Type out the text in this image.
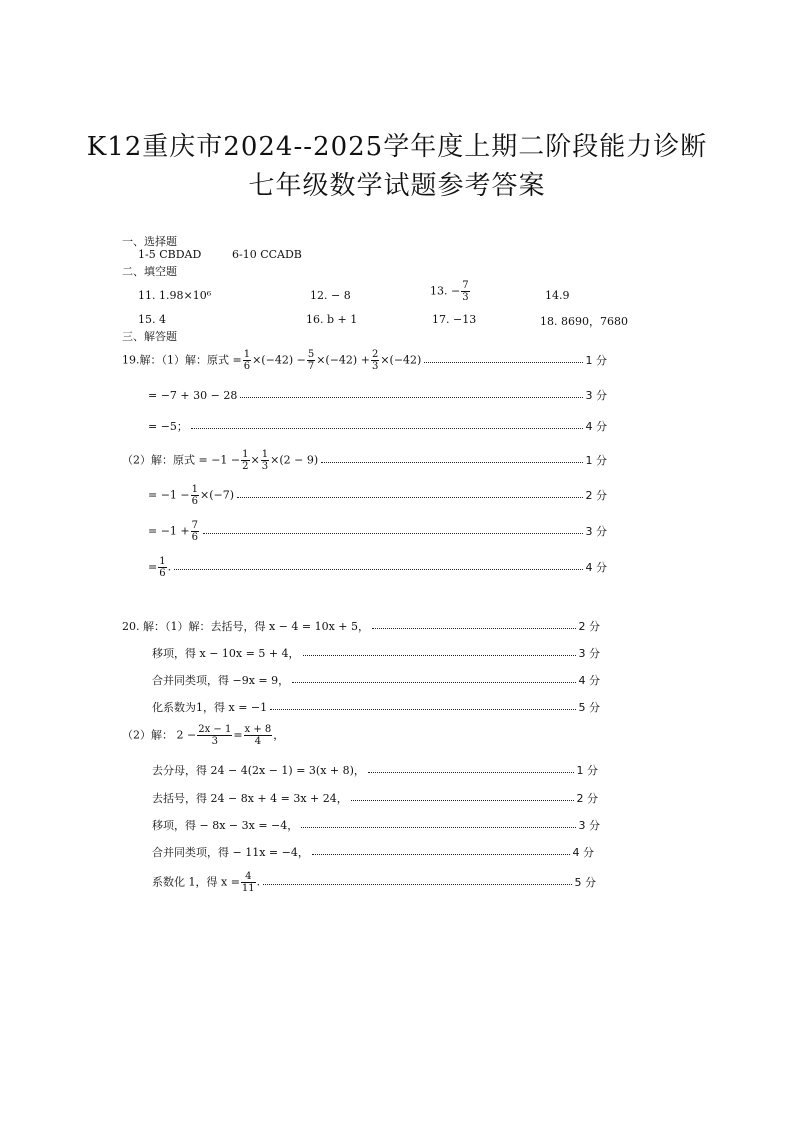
K12重庆市2024--2025学年度上期二阶段能力诊断
七年级数学试题参考答案
一、选择题
1-5 CBDAD	6-10 CCADB
二、填空题
11. 1.98×10⁶	12. − 8	13. − $\frac{7}{3}$	14.9
15. 4	16. b + 1	17. −13	18. 8690，7680
三、解答题
19.解：（1）解：原式 = $\frac{1}{6} \times(-42) - \frac{5}{7} \times(-42) + \frac{2}{3} \times(-42)$	1 分
= −7 + 30 − 28	3 分
= −5；	4 分
（2）解：原式 = $-1 - \frac{1}{2} \times \frac{1}{3} \times(2 - 9)$	1 分
= $-1 - \frac{1}{6} \times(-7)$	2 分
= $-1 + \frac{7}{6}$	3 分
= $\frac{1}{6}$ .	4 分
20. 解：（1）解：去括号，得 x − 4 = 10x + 5，	2 分
移项，得 x − 10x = 5 + 4，	3 分
合并同类项，得 −9x = 9，	4 分
化系数为1，得 x = −1	5 分
（2）解： $2 - \frac{2x - 1}{3} = \frac{x + 8}{4}$ ，
去分母，得 24 − 4(2x − 1) = 3(x + 8)，	1 分
去括号，得 24 − 8x + 4 = 3x + 24，	2 分
移项，得 − 8x − 3x = −4，	3 分
合并同类项，得 − 11x = −4，	4 分
系数化 1，得 $x = \frac{4}{11}$ .	5 分
